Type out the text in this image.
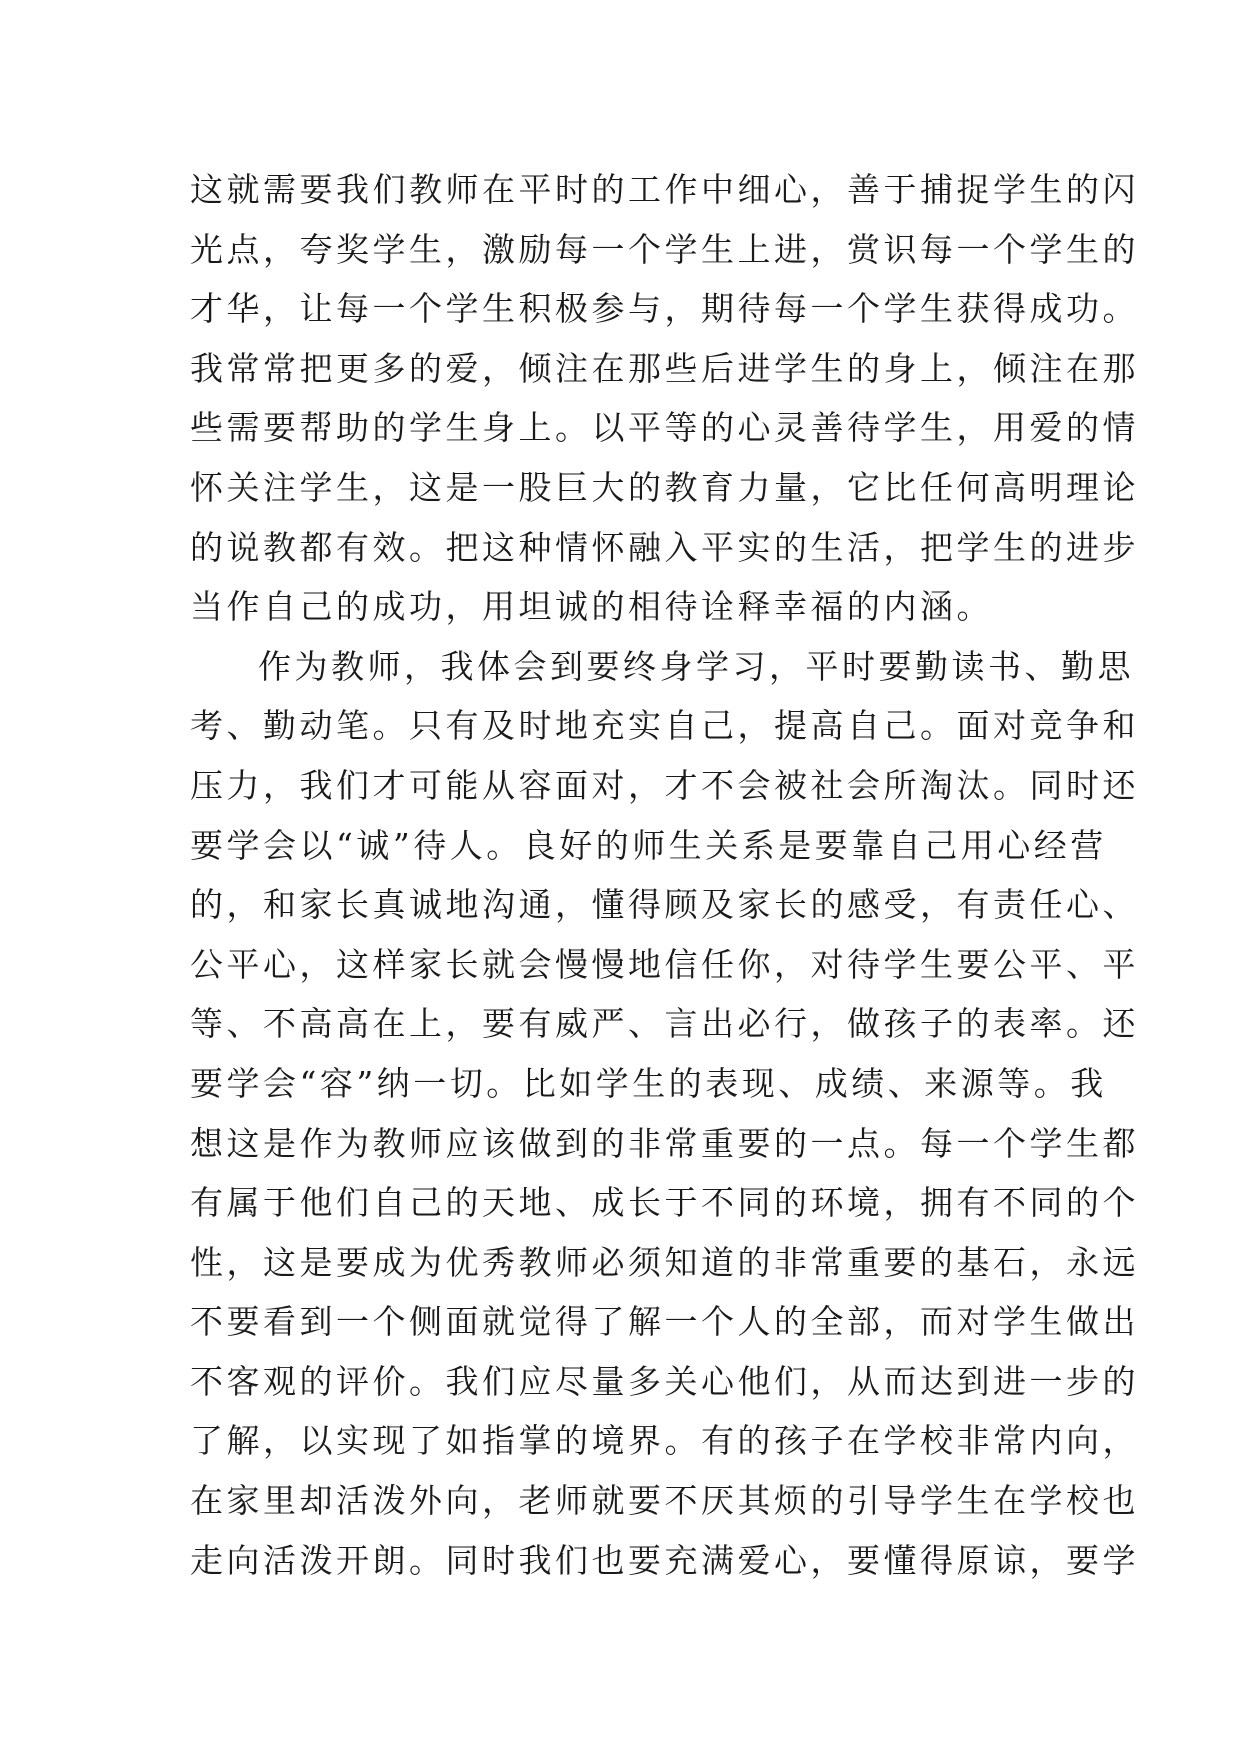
这就需要我们教师在平时的工作中细心，善于捕捉学生的闪
光点，夸奖学生，激励每一个学生上进，赏识每一个学生的
才华，让每一个学生积极参与，期待每一个学生获得成功。
我常常把更多的爱，倾注在那些后进学生的身上，倾注在那
些需要帮助的学生身上。以平等的心灵善待学生，用爱的情
怀关注学生，这是一股巨大的教育力量，它比任何高明理论
的说教都有效。把这种情怀融入平实的生活，把学生的进步
当作自己的成功，用坦诚的相待诠释幸福的内涵。
作为教师，我体会到要终身学习，平时要勤读书、勤思
考、勤动笔。只有及时地充实自己，提高自己。面对竞争和
压力，我们才可能从容面对，才不会被社会所淘汰。同时还
要学会以“诚”待人。良好的师生关系是要靠自己用心经营
的，和家长真诚地沟通，懂得顾及家长的感受，有责任心、
公平心，这样家长就会慢慢地信任你，对待学生要公平、平
等、不高高在上，要有威严、言出必行，做孩子的表率。还
要学会“容”纳一切。比如学生的表现、成绩、来源等。我
想这是作为教师应该做到的非常重要的一点。每一个学生都
有属于他们自己的天地、成长于不同的环境，拥有不同的个
性，这是要成为优秀教师必须知道的非常重要的基石，永远
不要看到一个侧面就觉得了解一个人的全部，而对学生做出
不客观的评价。我们应尽量多关心他们，从而达到进一步的
了解，以实现了如指掌的境界。有的孩子在学校非常内向，
在家里却活泼外向，老师就要不厌其烦的引导学生在学校也
走向活泼开朗。同时我们也要充满爱心，要懂得原谅，要学
